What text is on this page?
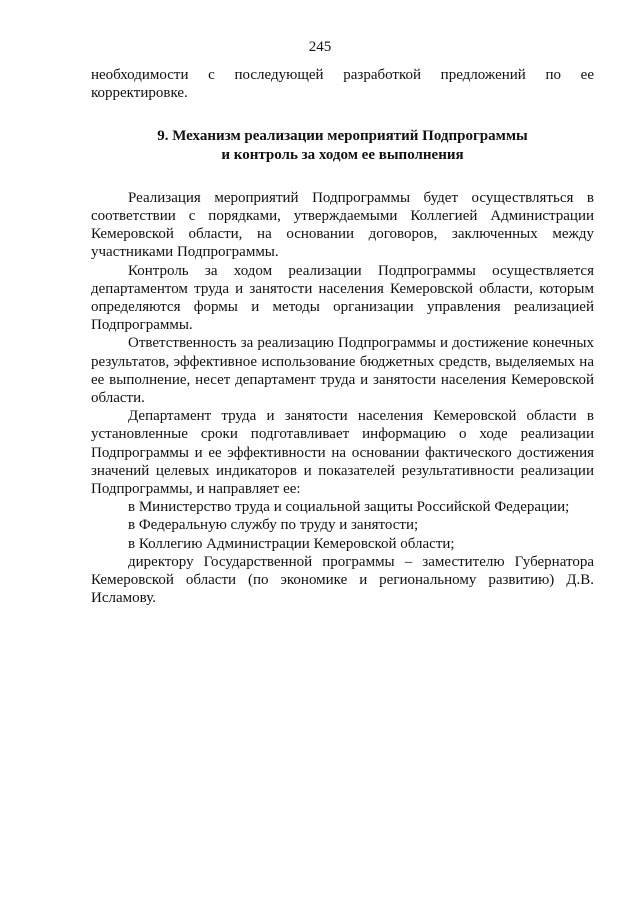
245

необходимости с последующей разработкой предложений по ее корректировке.

9. Механизм реализации мероприятий Подпрограммы
и контроль за ходом ее выполнения

Реализация мероприятий Подпрограммы будет осуществляться в соответствии с порядками, утверждаемыми Коллегией Администрации Кемеровской области, на основании договоров, заключенных между участниками Подпрограммы.

Контроль за ходом реализации Подпрограммы осуществляется департаментом труда и занятости населения Кемеровской области, которым определяются формы и методы организации управления реализацией Подпрограммы.

Ответственность за реализацию Подпрограммы и достижение конечных результатов, эффективное использование бюджетных средств, выделяемых на ее выполнение, несет департамент труда и занятости населения Кемеровской области.

Департамент труда и занятости населения Кемеровской области в установленные сроки подготавливает информацию о ходе реализации Подпрограммы и ее эффективности на основании фактического достижения значений целевых индикаторов и показателей результативности реализации Подпрограммы, и направляет ее:

в Министерство труда и социальной защиты Российской Федерации;

в Федеральную службу по труду и занятости;

в Коллегию Администрации Кемеровской области;

директору Государственной программы – заместителю Губернатора Кемеровской области (по экономике и региональному развитию) Д.В. Исламову.
